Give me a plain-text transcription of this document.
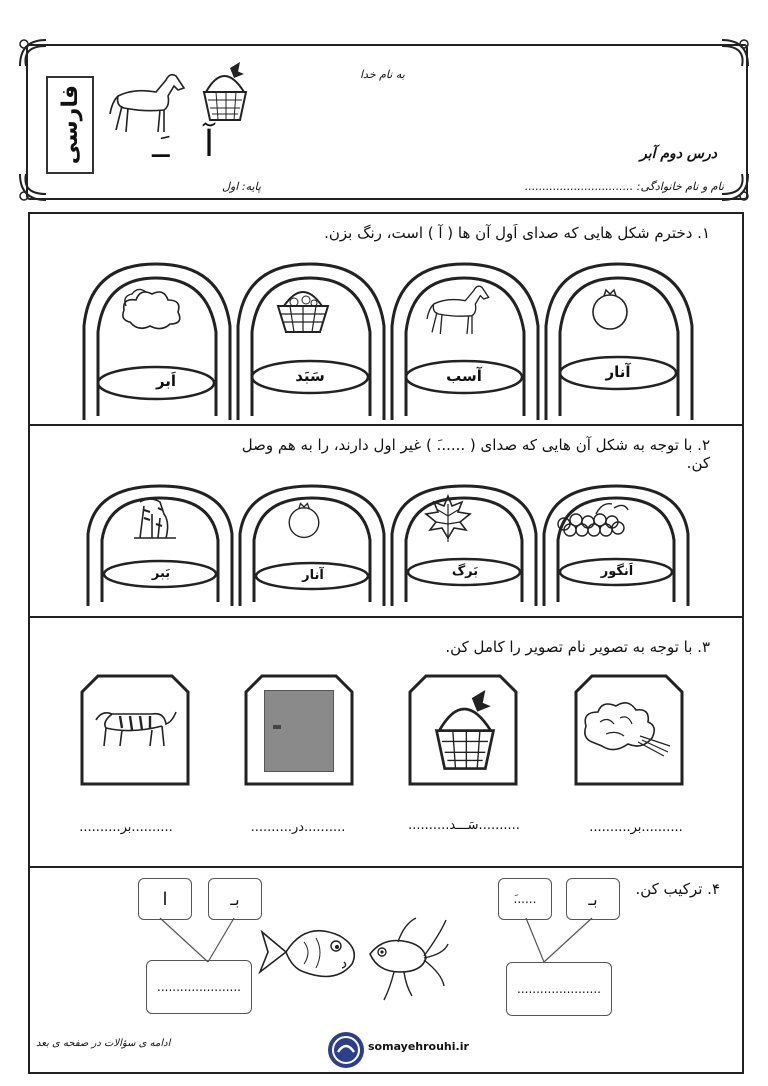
فارسی	آ
ـَـ
به نام خدا
درس دوم آبر
نام و نام خانوادگی: ...............................
پایه: اول
۱. دخترم شکل هایی که صدای اَول آن ها ( آ ) است، رنگ بزن.
اَبر	سَبَد	آسب	آنار
۲. با توجه به شکل آن هایی که صدای ( ......َ ) غیر اول دارند، را به هم وصل کن.
بَبر	آنار	بَرگ	اَنگور
۳. با توجه به تصویر نام تصویر را کامل کن.
..........بر..........	..........در..........	..........سَـــد..........	..........بر..........
۴. ترکیب کن.
ا	بـ
......................
......َ	بـ
......................
ادامه ی سؤالات در صفحه ی بعد	somayehrouhi.ir
